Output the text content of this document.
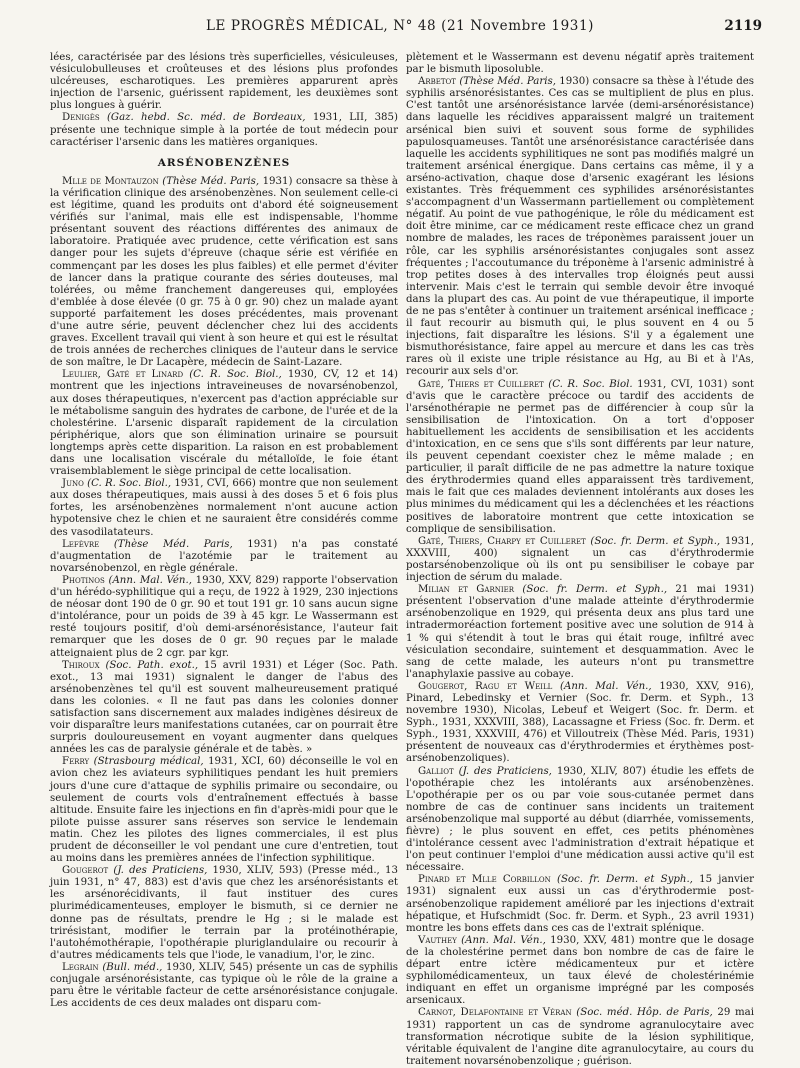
LE PROGRÈS MÉDICAL, N° 48 (21 Novembre 1931)	2119

lées, caractérisée par des lésions très superficielles, vésiculeuses, vésiculobulleuses et croûteuses et des lésions plus profondes ulcéreuses, escharotiques. Les premières apparurent après injection de l'arsenic, guérissent rapidement, les deuxièmes sont plus longues à guérir.

Denigès (Gaz. hebd. Sc. méd. de Bordeaux, 1931, LII, 385) présente une technique simple à la portée de tout médecin pour caractériser l'arsenic dans les matières organiques.

ARSÉNOBENZÈNES

Mlle de Montauzon (Thèse Méd. Paris, 1931) consacre sa thèse à la vérification clinique des arsénobenzènes. Non seulement celle-ci est légitime, quand les produits ont d'abord été soigneusement vérifiés sur l'animal, mais elle est indispensable, l'homme présentant souvent des réactions différentes des animaux de laboratoire. Pratiquée avec prudence, cette vérification est sans danger pour les sujets d'épreuve (chaque série est vérifiée en commençant par les doses les plus faibles) et elle permet d'éviter de lancer dans la pratique courante des séries douteuses, mal tolérées, ou même franchement dangereuses qui, employées d'emblée à dose élevée (0 gr. 75 à 0 gr. 90) chez un malade ayant supporté parfaitement les doses précédentes, mais provenant d'une autre série, peuvent déclencher chez lui des accidents graves. Excellent travail qui vient à son heure et qui est le résultat de trois années de recherches cliniques de l'auteur dans le service de son maître, le Dr Lacapère, médecin de Saint-Lazare.

Leulier, Gaté et Linard (C. R. Soc. Biol., 1930, CV, 12 et 14) montrent que les injections intraveineuses de novarsénobenzol, aux doses thérapeutiques, n'exercent pas d'action appréciable sur le métabolisme sanguin des hydrates de carbone, de l'urée et de la cholestérine. L'arsenic disparaît rapidement de la circulation périphérique, alors que son élimination urinaire se poursuit longtemps après cette disparition. La raison en est probablement dans une localisation viscérale du métalloïde, le foie étant vraisemblablement le siège principal de cette localisation.

Juno (C. R. Soc. Biol., 1931, CVI, 666) montre que non seulement aux doses thérapeutiques, mais aussi à des doses 5 et 6 fois plus fortes, les arsénobenzènes normalement n'ont aucune action hypotensive chez le chien et ne sauraient être considérés comme des vasodilatateurs.

Lefèvre (Thèse Méd. Paris, 1931) n'a pas constaté d'augmentation de l'azotémie par le traitement au novarsénobenzol, en règle générale.

Photinos (Ann. Mal. Vén., 1930, XXV, 829) rapporte l'observation d'un hérédo-syphilitique qui a reçu, de 1922 à 1929, 230 injections de néosar dont 190 de 0 gr. 90 et tout 191 gr. 10 sans aucun signe d'intolérance, pour un poids de 39 à 45 kgr. Le Wassermann est resté toujours positif, d'où demi-arsénorésistance, l'auteur fait remarquer que les doses de 0 gr. 90 reçues par le malade atteignaient plus de 2 cgr. par kgr.

Thiroux (Soc. Path. exot., 15 avril 1931) et Léger (Soc. Path. exot., 13 mai 1931) signalent le danger de l'abus des arsénobenzènes tel qu'il est souvent malheureusement pratiqué dans les colonies. « Il ne faut pas dans les colonies donner satisfaction sans discernement aux malades indigènes désireux de voir disparaître leurs manifestations cutanées, car on pourrait être surpris douloureusement en voyant augmenter dans quelques années les cas de paralysie générale et de tabès. »

Ferry (Strasbourg médical, 1931, XCI, 60) déconseille le vol en avion chez les aviateurs syphilitiques pendant les huit premiers jours d'une cure d'attaque de syphilis primaire ou secondaire, ou seulement de courts vols d'entraînement effectués à basse altitude. Ensuite faire les injections en fin d'après-midi pour que le pilote puisse assurer sans réserves son service le lendemain matin. Chez les pilotes des lignes commerciales, il est plus prudent de déconseiller le vol pendant une cure d'entretien, tout au moins dans les premières années de l'infection syphilitique.

Gougerot (J. des Praticiens, 1930, XLIV, 593) (Presse méd., 13 juin 1931, n° 47, 883) est d'avis que chez les arsénorésistants et les arsénorécidivants, il faut instituer des cures plurimédicamenteuses, employer le bismuth, si ce dernier ne donne pas de résultats, prendre le Hg ; si le malade est trirésistant, modifier le terrain par la protéinothérapie, l'autohémothérapie, l'opothérapie pluriglandulaire ou recourir à d'autres médicaments tels que l'iode, le vanadium, l'or, le zinc.

Legrain (Bull. méd., 1930, XLIV, 545) présente un cas de syphilis conjugale arsénorésistante, cas typique où le rôle de la graine a paru être le véritable facteur de cette arsénorésistance conjugale. Les accidents de ces deux malades ont disparu com-

plètement et le Wassermann est devenu négatif après traitement par le bismuth liposoluble.

Arbetot (Thèse Méd. Paris, 1930) consacre sa thèse à l'étude des syphilis arsénorésistantes. Ces cas se multiplient de plus en plus. C'est tantôt une arsénorésistance larvée (demi-arsénorésistance) dans laquelle les récidives apparaissent malgré un traitement arsénical bien suivi et souvent sous forme de syphilides papulosquameuses. Tantôt une arsénorésistance caractérisée dans laquelle les accidents syphilitiques ne sont pas modifiés malgré un traitement arsénical énergique. Dans certains cas même, il y a arséno-activation, chaque dose d'arsenic exagérant les lésions existantes. Très fréquemment ces syphilides arsénorésistantes s'accompagnent d'un Wassermann partiellement ou complètement négatif. Au point de vue pathogénique, le rôle du médicament est doit être minime, car ce médicament reste efficace chez un grand nombre de malades, les races de tréponèmes paraissent jouer un rôle, car les syphilis arsénorésistantes conjugales sont assez fréquentes ; l'accoutumance du tréponème à l'arsenic administré à trop petites doses à des intervalles trop éloignés peut aussi intervenir. Mais c'est le terrain qui semble devoir être invoqué dans la plupart des cas. Au point de vue thérapeutique, il importe de ne pas s'entêter à continuer un traitement arsénical inefficace ; il faut recourir au bismuth qui, le plus souvent en 4 ou 5 injections, fait disparaître les lésions. S'il y a également une bismuthorésistance, faire appel au mercure et dans les cas très rares où il existe une triple résistance au Hg, au Bi et à l'As, recourir aux sels d'or.

Gaté, Thiers et Cuilleret (C. R. Soc. Biol. 1931, CVI, 1031) sont d'avis que le caractère précoce ou tardif des accidents de l'arsénothérapie ne permet pas de différencier à coup sûr la sensibilisation de l'intoxication. On a tort d'opposer habituellement les accidents de sensibilisation et les accidents d'intoxication, en ce sens que s'ils sont différents par leur nature, ils peuvent cependant coexister chez le même malade ; en particulier, il paraît difficile de ne pas admettre la nature toxique des érythrodermies quand elles apparaissent très tardivement, mais le fait que ces malades deviennent intolérants aux doses les plus minimes du médicament qui les a déclenchées et les réactions positives de laboratoire montrent que cette intoxication se complique de sensibilisation.

Gaté, Thiers, Charpy et Cuilleret (Soc. fr. Derm. et Syph., 1931, XXXVIII, 400) signalent un cas d'érythrodermie postarsénobenzolique où ils ont pu sensibiliser le cobaye par injection de sérum du malade.

Milian et Garnier (Soc. fr. Derm. et Syph., 21 mai 1931) présentent l'observation d'une malade atteinte d'érythrodermie arsénobenzolique en 1929, qui présenta deux ans plus tard une intradermoréaction fortement positive avec une solution de 914 à 1 % qui s'étendit à tout le bras qui était rouge, infiltré avec vésiculation secondaire, suintement et desquammation. Avec le sang de cette malade, les auteurs n'ont pu transmettre l'anaphylaxie passive au cobaye.

Gougerot, Ragu et Weill (Ann. Mal. Vén., 1930, XXV, 916), Pinard, Lebedinsky et Vernier (Soc. fr. Derm. et Syph., 13 novembre 1930), Nicolas, Lebeuf et Weigert (Soc. fr. Derm. et Syph., 1931, XXXVIII, 388), Lacassagne et Friess (Soc. fr. Derm. et Syph., 1931, XXXVIII, 476) et Villoutreix (Thèse Méd. Paris, 1931) présentent de nouveaux cas d'érythrodermies et érythèmes post-arsénobenzoliques).

Galliot (J. des Praticiens, 1930, XLIV, 807) étudie les effets de l'opothérapie chez les intolérants aux arsénobenzènes. L'opothérapie per os ou par voie sous-cutanée permet dans nombre de cas de continuer sans incidents un traitement arsénobenzolique mal supporté au début (diarrhée, vomissements, fièvre) ; le plus souvent en effet, ces petits phénomènes d'intolérance cessent avec l'administration d'extrait hépatique et l'on peut continuer l'emploi d'une médication aussi active qu'il est nécessaire.

Pinard et Mlle Corbillon (Soc. fr. Derm. et Syph., 15 janvier 1931) signalent eux aussi un cas d'érythrodermie post-arsénobenzolique rapidement amélioré par les injections d'extrait hépatique, et Hufschmidt (Soc. fr. Derm. et Syph., 23 avril 1931) montre les bons effets dans ces cas de l'extrait splénique.

Vauthey (Ann. Mal. Vén., 1930, XXV, 481) montre que le dosage de la cholestérine permet dans bon nombre de cas de faire le départ entre ictère médicamenteux pur et ictère syphilomédicamenteux, un taux élevé de cholestérinémie indiquant en effet un organisme imprégné par les composés arsenicaux.

Carnot, Delafontaine et Véran (Soc. méd. Hôp. de Paris, 29 mai 1931) rapportent un cas de syndrome agranulocytaire avec transformation nécrotique subite de la lésion syphilitique, véritable équivalent de l'angine dite agranulocytaire, au cours du traitement novarsénobenzolique ; guérison.
